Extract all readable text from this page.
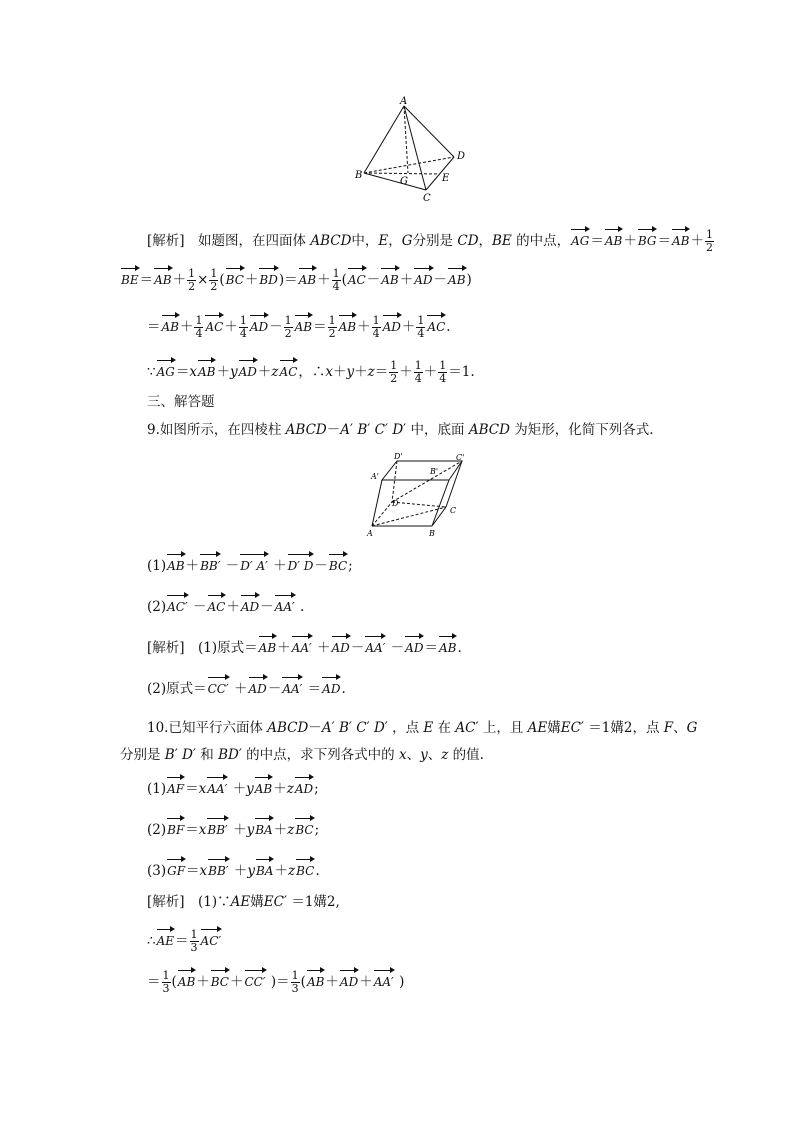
A
B
C
D
E
G
D'	C'
A'
B'
D
C
A	B
[解析]　如题图，在四面体 ABCD中，E，G分别是 CD，BE 的中点，$AG=AB+BG=AB+ \frac{1}{2}$
$BE=AB+ \frac{1}{2} \times \frac{1}{2} (BC+BD)=AB+ \frac{1}{4} (AC-AB+AD-AB)$
$=AB+ \frac{1}{4} AC+ \frac{1}{4} AD- \frac{1}{2} AB= \frac{1}{2} AB+ \frac{1}{4} AD+ \frac{1}{4}$ AC.
∵AG＝xAB＋yAD＋zAC，∴x＋y＋z＝ $\frac{1}{2} + \frac{1}{4} + \frac{1}{4} =1$.
三、解答题
9.如图所示，在四棱柱 ABCD－A′ B′ C′ D′ 中，底面 ABCD 为矩形，化简下列各式.
(1)AB＋BB′ －D′ A′ ＋D′ D－BC;
(2)AC′ －AC＋AD－AA′ .
[解析]　(1)原式＝AB＋AA′ ＋AD－AA′ －AD＝AB.
(2)原式＝CC′ ＋AD－AA′ ＝AD.
10.已知平行六面体 ABCD－A′ B′ C′ D′ ，点 E 在 AC′ 上，且 AE媾EC′ ＝1媾2，点 F、G
分别是 B′ D′ 和 BD′ 的中点，求下列各式中的 x、y、z 的值.
(1)AF＝xAA′ ＋yAB＋zAD;
(2)BF＝xBB′ ＋yBA＋zBC;
(3)GF＝xBB′ ＋yBA＋zBC.
[解析]　(1)∵AE媾EC′ ＝1媾2,
∴AE＝ $\frac{1}{3} AC'$
＝ $\frac{1}{3} (AB+BC+CC'$ )＝ $\frac{1}{3} (AB+AD+AA'$ )
